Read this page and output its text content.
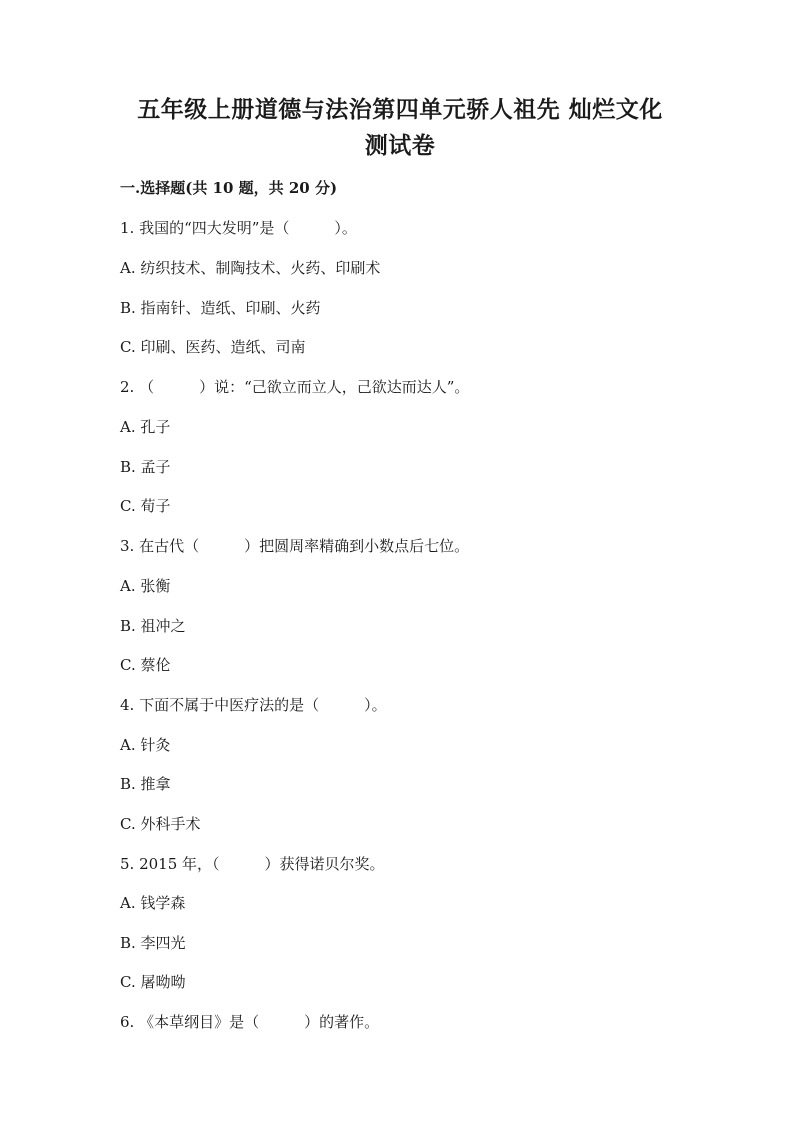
五年级上册道德与法治第四单元骄人祖先 灿烂文化
测试卷
一.选择题(共 10 题，共 20 分)
1. 我国的“四大发明”是（　　　）。
A. 纺织技术、制陶技术、火药、印刷术
B. 指南针、造纸、印刷、火药
C. 印刷、医药、造纸、司南
2. （　　　）说：“己欲立而立人，己欲达而达人”。
A. 孔子
B. 孟子
C. 荀子
3. 在古代（　　　）把圆周率精确到小数点后七位。
A. 张衡
B. 祖冲之
C. 蔡伦
4. 下面不属于中医疗法的是（　　　）。
A. 针灸
B. 推拿
C. 外科手术
5. 2015 年，（　　　）获得诺贝尔奖。
A. 钱学森
B. 李四光
C. 屠呦呦
6. 《本草纲目》是（　　　）的著作。
